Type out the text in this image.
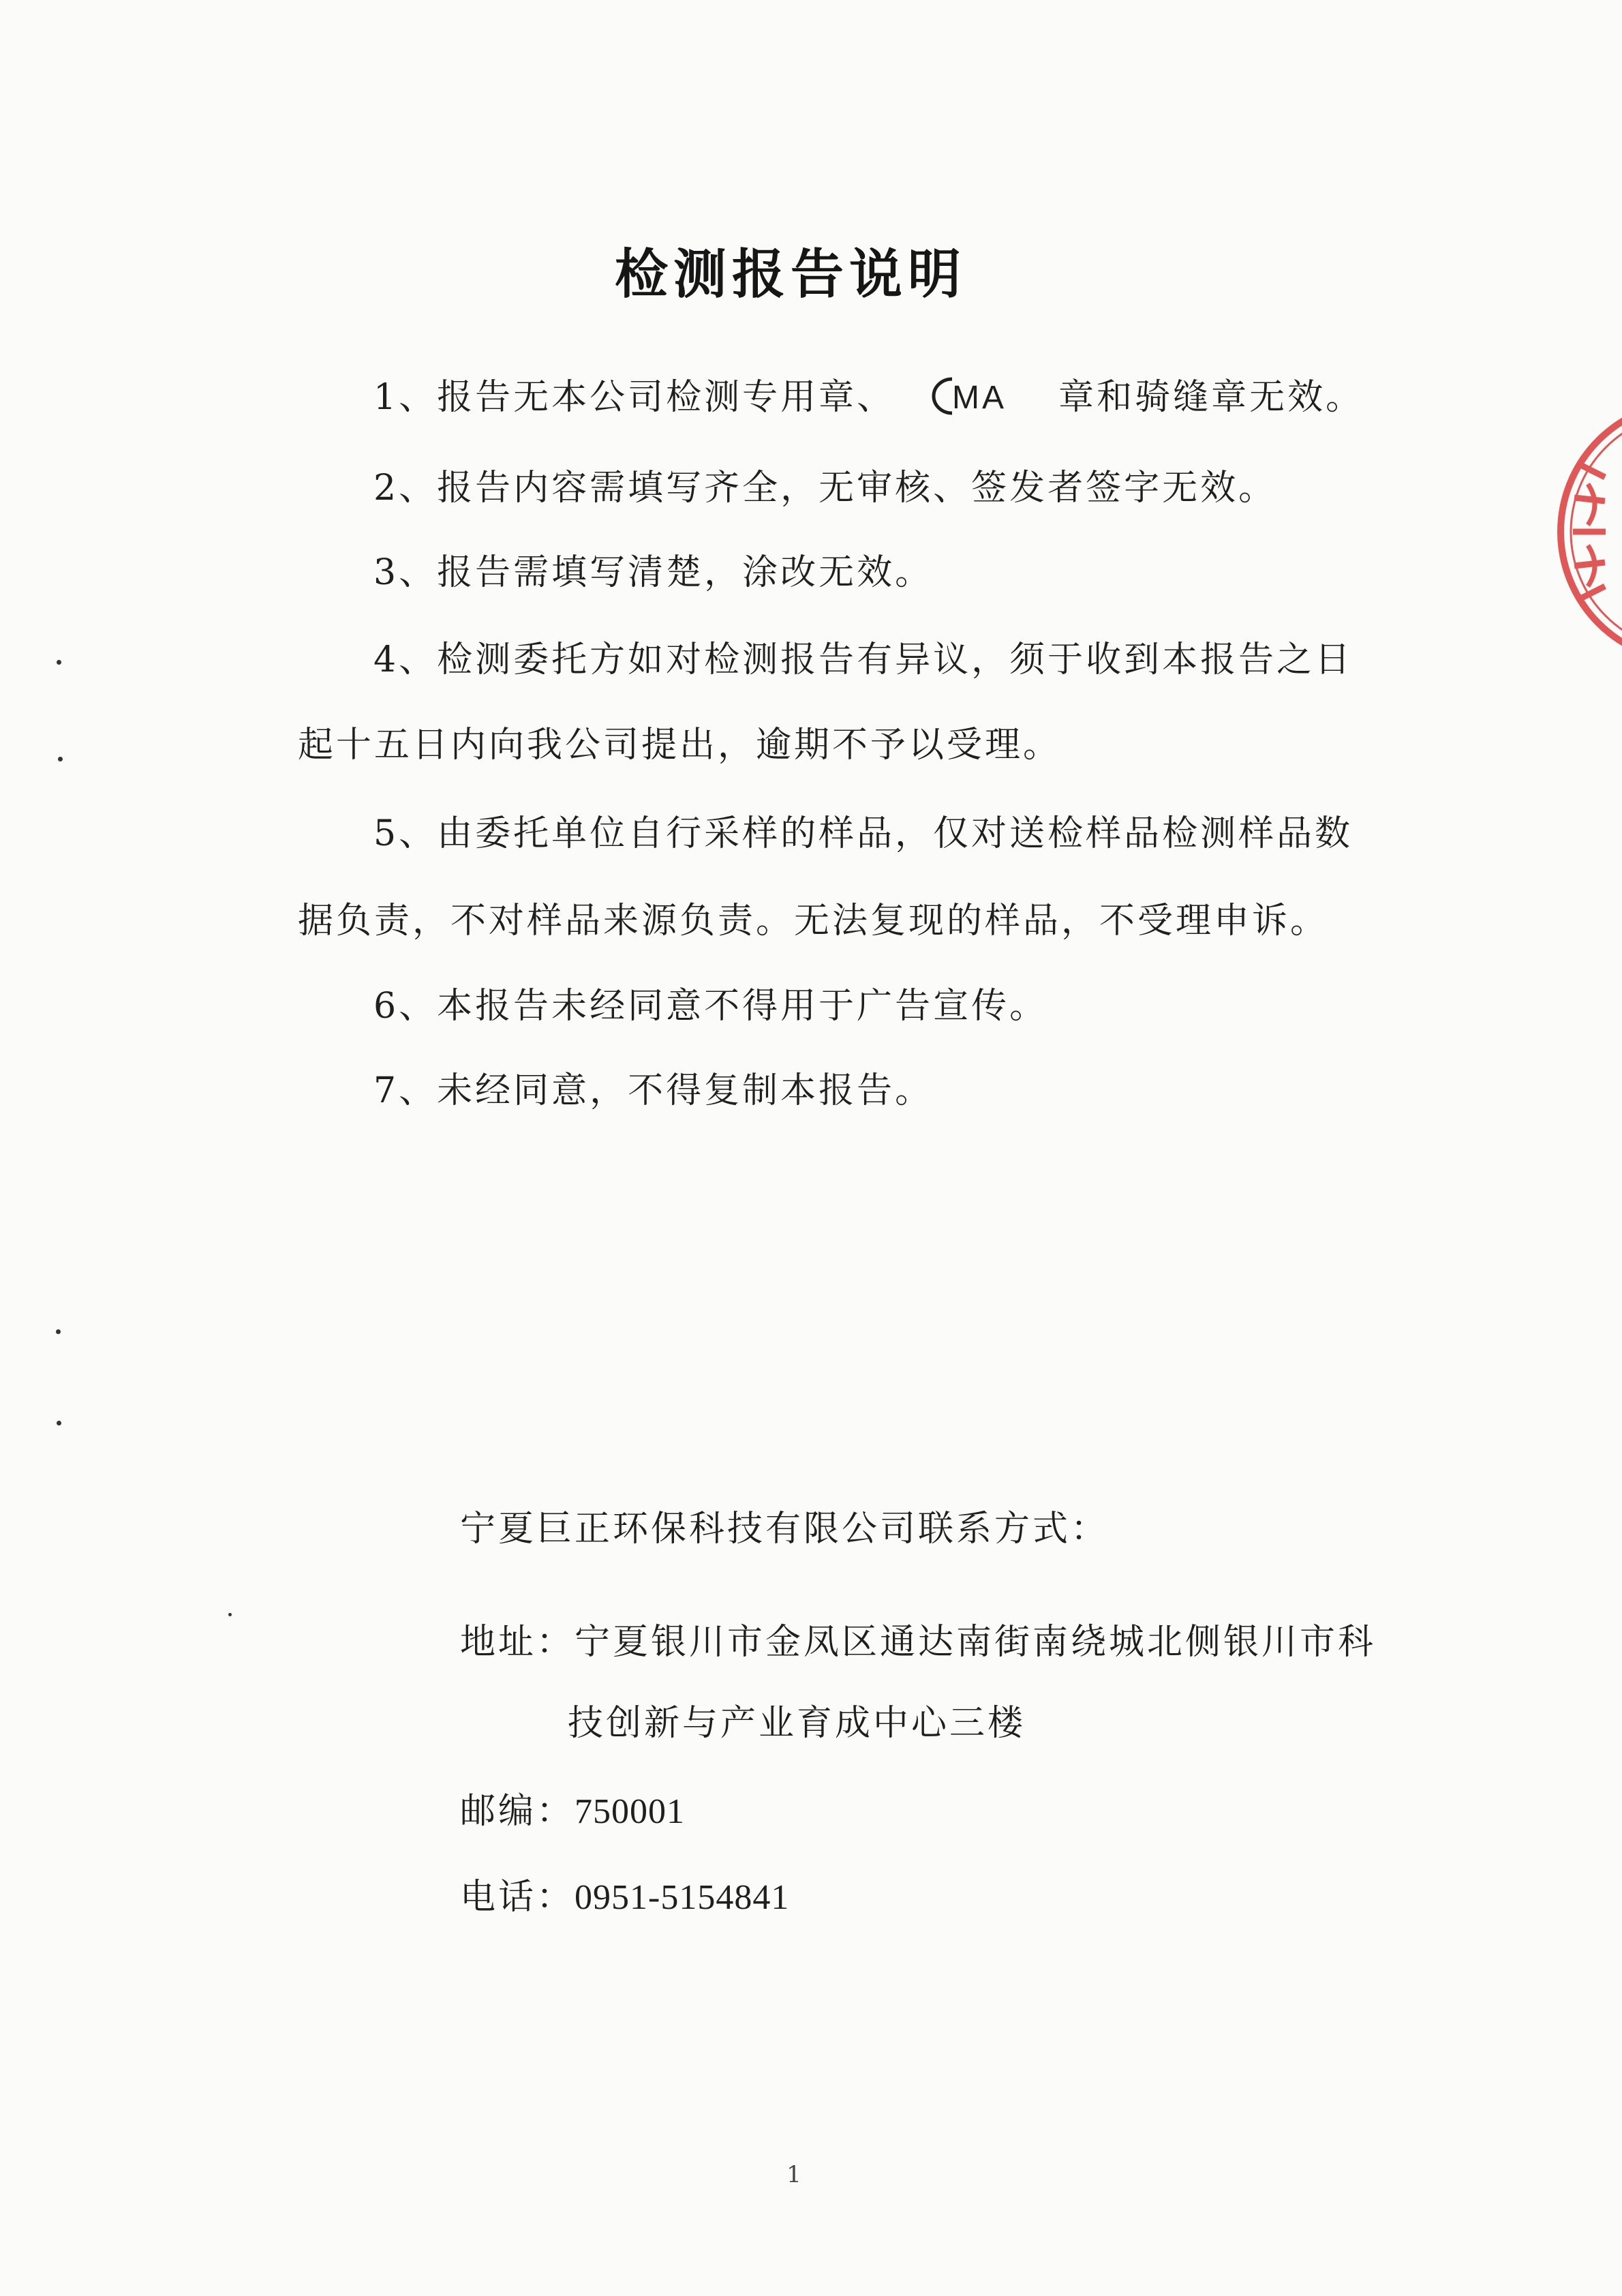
检测报告说明
1、报告无本公司检测专用章、 MA 章和骑缝章无效。
2、报告内容需填写齐全，无审核、签发者签字无效。
3、报告需填写清楚，涂改无效。
4、检测委托方如对检测报告有异议，须于收到本报告之日
起十五日内向我公司提出，逾期不予以受理。
5、由委托单位自行采样的样品，仅对送检样品检测样品数
据负责，不对样品来源负责。无法复现的样品，不受理申诉。
6、本报告未经同意不得用于广告宣传。
7、未经同意，不得复制本报告。
宁夏巨正环保科技有限公司联系方式：
地址：宁夏银川市金凤区通达南街南绕城北侧银川市科
技创新与产业育成中心三楼
邮编：750001
电话：0951-5154841
1
